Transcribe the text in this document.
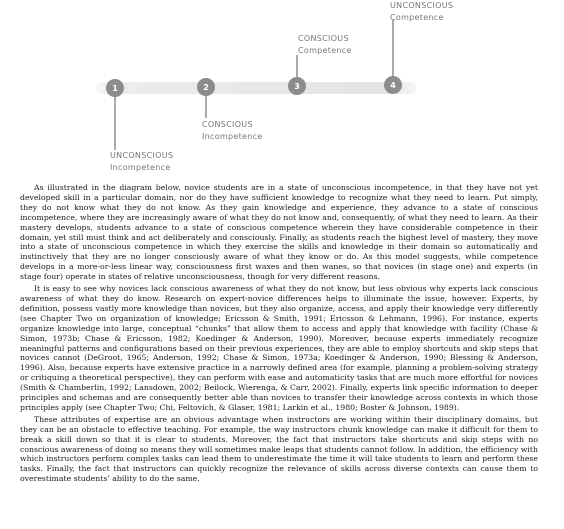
1	2	3	4
UNCONSCIOUS
Incompetence
CONSCIOUS
Incompetence
CONSCIOUS
Competence
UNCONSCIOUS
Competence

As illustrated in the diagram below, novice students are in a state of unconscious incompetence, in that they have not yet developed skill in a particular domain, nor do they have sufficient knowledge to recognize what they need to learn. Put simply, they do not know what they do not know. As they gain knowledge and experience, they advance to a state of conscious incompetence, where they are increasingly aware of what they do not know and, consequently, of what they need to learn. As their mastery develops, students advance to a state of conscious competence wherein they have considerable competence in their domain, yet still must think and act deliberately and consciously. Finally, as students reach the highest level of mastery, they move into a state of unconscious competence in which they exercise the skills and knowledge in their domain so automatically and instinctively that they are no longer consciously aware of what they know or do. As this model suggests, while competence develops in a more-or-less linear way, consciousness first waxes and then wanes, so that novices (in stage one) and experts (in stage four) operate in states of relative unconsciousness, though for very different reasons.

It is easy to see why novices lack conscious awareness of what they do not know, but less obvious why experts lack conscious awareness of what they do know. Research on expert-novice differences helps to illuminate the issue, however. Experts, by definition, possess vastly more knowledge than novices, but they also organize, access, and apply their knowledge very differently (see Chapter Two on organization of knowledge; Ericsson & Smith, 1991; Ericsson & Lehmann, 1996). For instance, experts organize knowledge into large, conceptual “chunks” that allow them to access and apply that knowledge with facility (Chase & Simon, 1973b; Chase & Ericsson, 1982; Koedinger & Anderson, 1990). Moreover, because experts immediately recognize meaningful patterns and configurations based on their previous experiences, they are able to employ shortcuts and skip steps that novices cannot (DeGroot, 1965; Anderson, 1992; Chase & Simon, 1973a; Koedinger & Anderson, 1990; Blessing & Anderson, 1996). Also, because experts have extensive practice in a narrowly defined area (for example, planning a problem-solving strategy or critiquing a theoretical perspective), they can perform with ease and automaticity tasks that are much more effortful for novices (Smith & Chamberlin, 1992; Lansdown, 2002; Beilock, Wierenga, & Carr, 2002). Finally, experts link specific information to deeper principles and schemas and are consequently better able than novices to transfer their knowledge across contexts in which those principles apply (see Chapter Two; Chi, Feltovich, & Glaser, 1981; Larkin et al., 1980; Boster & Johnson, 1989).

These attributes of expertise are an obvious advantage when instructors are working within their disciplinary domains, but they can be an obstacle to effective teaching. For example, the way instructors chunk knowledge can make it difficult for them to break a skill down so that it is clear to students. Moreover, the fact that instructors take shortcuts and skip steps with no conscious awareness of doing so means they will sometimes make leaps that students cannot follow. In addition, the efficiency with which instructors perform complex tasks can lead them to underestimate the time it will take students to learn and perform these tasks. Finally, the fact that instructors can quickly recognize the relevance of skills across diverse contexts can cause them to overestimate students’ ability to do the same.
